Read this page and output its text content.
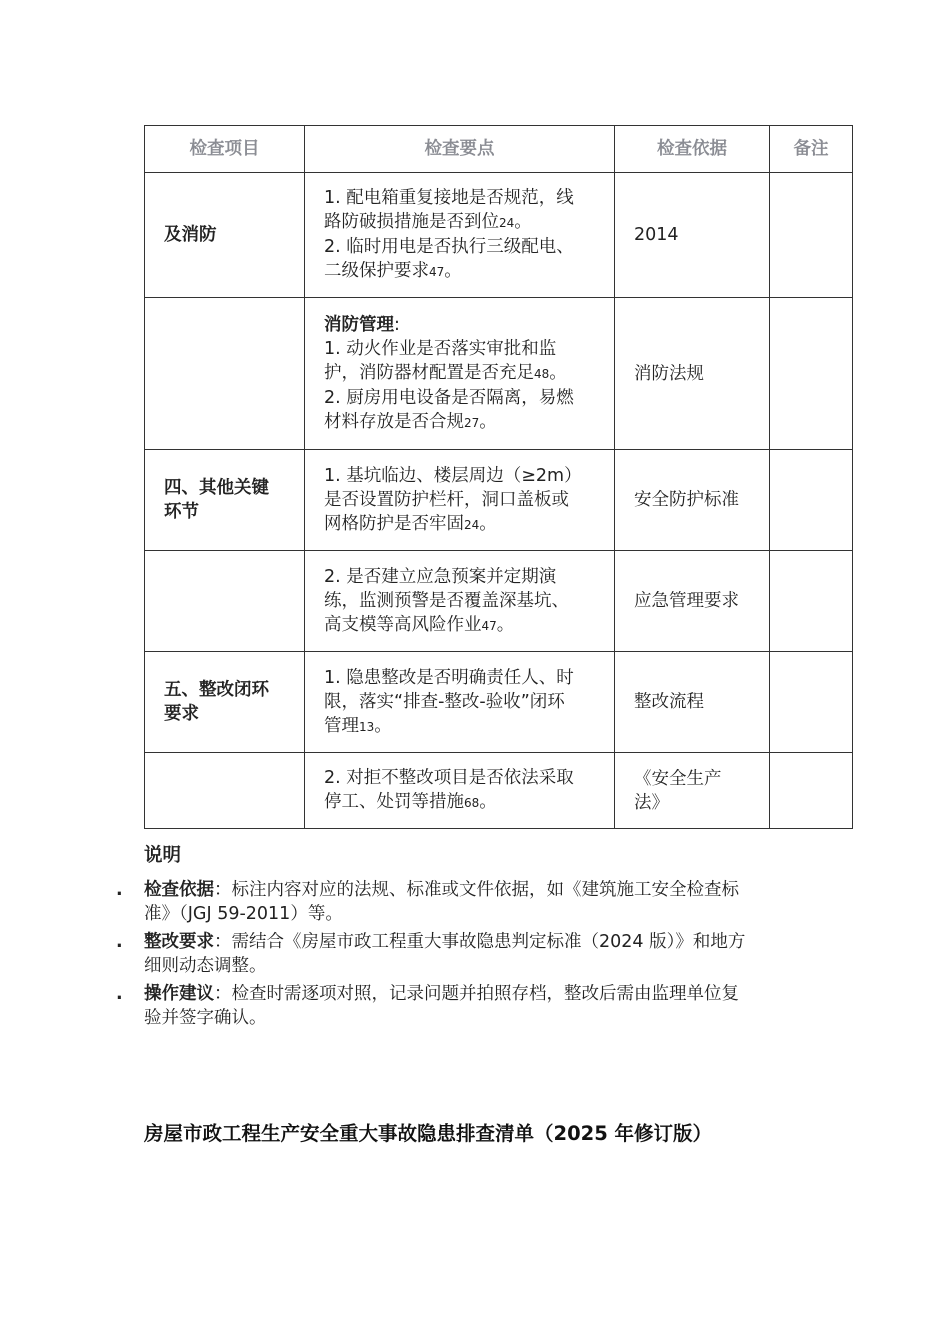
检查项目	检查要点	检查依据	备注

及消防	1. 配电箱重复接地是否规范，线
路防破损措施是否到位24。
2. 临时用电是否执行三级配电、
二级保护要求47。	2014	

	消防管理:
1. 动火作业是否落实审批和监
护，消防器材配置是否充足48。
2. 厨房用电设备是否隔离，易燃
材料存放是否合规27。	消防法规	

四、其他关键
环节	1. 基坑临边、楼层周边（≥2m）
是否设置防护栏杆，洞口盖板或
网格防护是否牢固24。	安全防护标准	

	2. 是否建立应急预案并定期演
练，监测预警是否覆盖深基坑、
高支模等高风险作业47。	应急管理要求	

五、整改闭环
要求	1. 隐患整改是否明确责任人、时
限，落实“排查-整改-验收”闭环
管理13。	整改流程	

	2. 对拒不整改项目是否依法采取
停工、处罚等措施68。	《安全生产
法》	

说明
. 检查依据：标注内容对应的法规、标准或文件依据，如《建筑施工安全检查标
准》（JGJ 59-2011）等。
. 整改要求：需结合《房屋市政工程重大事故隐患判定标准（2024 版）》和地方
细则动态调整。
. 操作建议：检查时需逐项对照，记录问题并拍照存档，整改后需由监理单位复
验并签字确认。
房屋市政工程生产安全重大事故隐患排查清单（2025 年修订版）
